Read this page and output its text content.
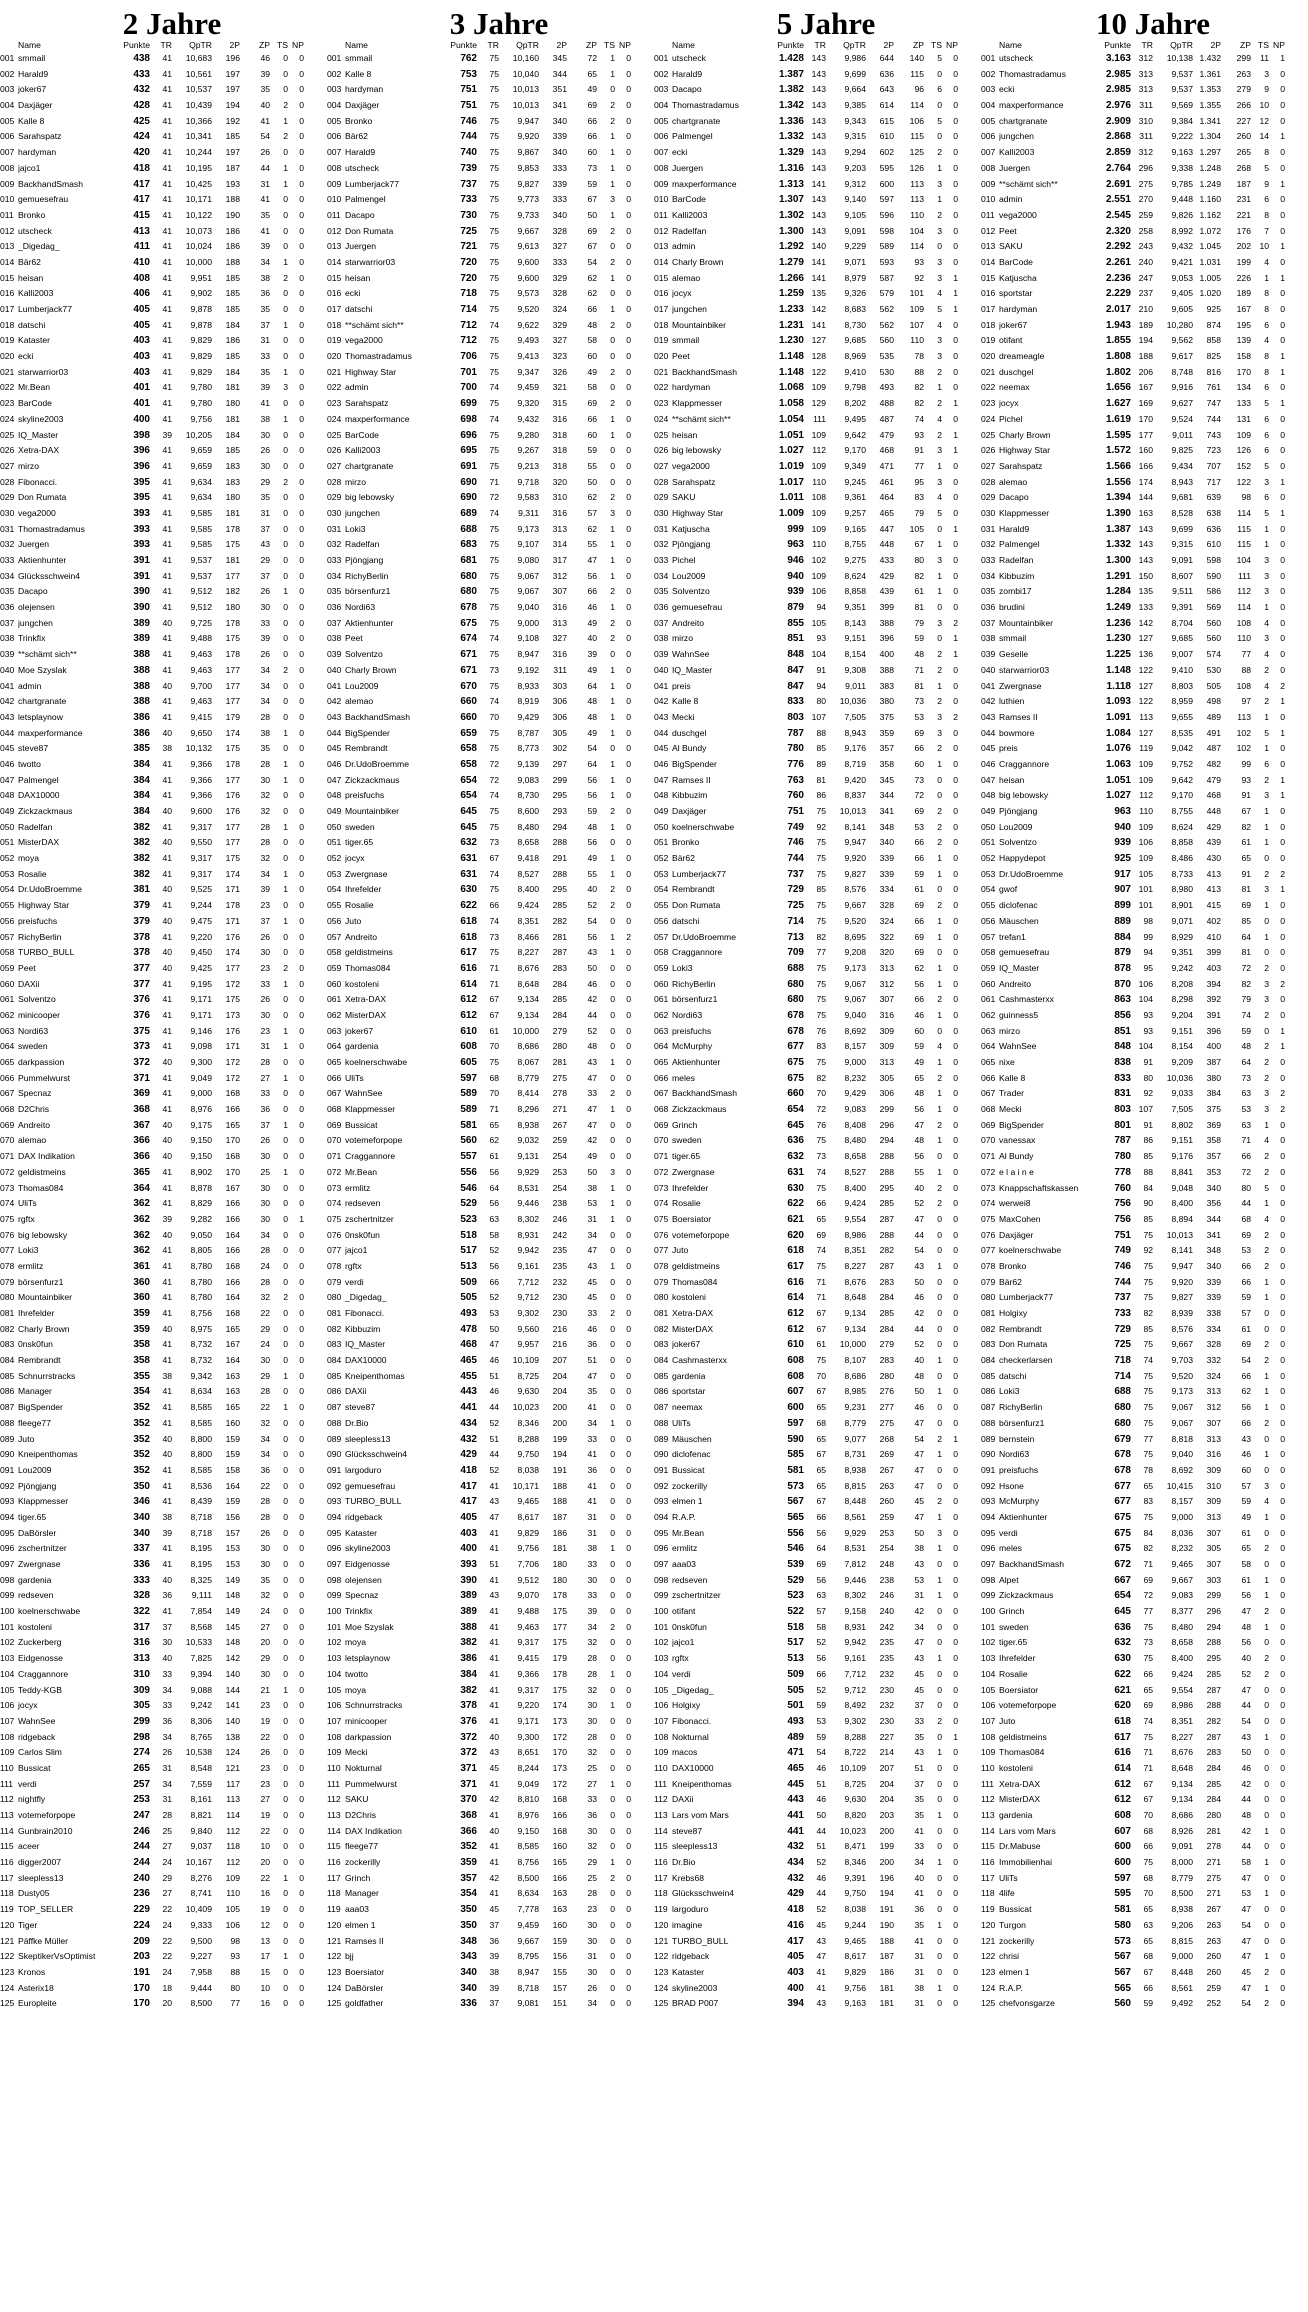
2 Jahre
	Name	Punkte	TR	QpTR	2P	ZP	TS	NP
001	smmail	438	41	10,683	196	46	0	0
002	Harald9	433	41	10,561	197	39	0	0
003	joker67	432	41	10,537	197	35	0	0
004	Daxjäger	428	41	10,439	194	40	2	0
005	Kalle 8	425	41	10,366	192	41	1	0
006	Sarahspatz	424	41	10,341	185	54	2	0
007	hardyman	420	41	10,244	197	26	0	0
008	jajco1	418	41	10,195	187	44	1	0
009	BackhandSmash	417	41	10,425	193	31	1	0
010	gemuesefrau	417	41	10,171	188	41	0	0
011	Bronko	415	41	10,122	190	35	0	0
012	utscheck	413	41	10,073	186	41	0	0
013	_Digedag_	411	41	10,024	186	39	0	0
014	Bär62	410	41	10,000	188	34	1	0
015	heisan	408	41	9,951	185	38	2	0
016	Kalli2003	406	41	9,902	185	36	0	0
017	Lumberjack77	405	41	9,878	185	35	0	0
018	datschi	405	41	9,878	184	37	1	0
019	Kataster	403	41	9,829	186	31	0	0
020	ecki	403	41	9,829	185	33	0	0
021	starwarrior03	403	41	9,829	184	35	1	0
022	Mr.Bean	401	41	9,780	181	39	3	0
023	BarCode	401	41	9,780	180	41	0	0
024	skyline2003	400	41	9,756	181	38	1	0
025	IQ_Master	398	39	10,205	184	30	0	0
026	Xetra-DAX	396	41	9,659	185	26	0	0
027	mirzo	396	41	9,659	183	30	0	0
028	Fibonacci.	395	41	9,634	183	29	2	0
029	Don Rumata	395	41	9,634	180	35	0	0
030	vega2000	393	41	9,585	181	31	0	0
031	Thomastradamus	393	41	9,585	178	37	0	0
032	Juergen	393	41	9,585	175	43	0	0
033	Aktienhunter	391	41	9,537	181	29	0	0
034	Glücksschwein4	391	41	9,537	177	37	0	0
035	Dacapo	390	41	9,512	182	26	1	0
036	olejensen	390	41	9,512	180	30	0	0
037	jungchen	389	40	9,725	178	33	0	0
038	Trinkfix	389	41	9,488	175	39	0	0
039	**schämt sich**	388	41	9,463	178	26	0	0
040	Moe Szyslak	388	41	9,463	177	34	2	0
041	admin	388	40	9,700	177	34	0	0
042	chartgranate	388	41	9,463	177	34	0	0
043	letsplaynow	386	41	9,415	179	28	0	0
044	maxperformance	386	40	9,650	174	38	1	0
045	steve87	385	38	10,132	175	35	0	0
046	twotto	384	41	9,366	178	28	1	0
047	Palmengel	384	41	9,366	177	30	1	0
048	DAX10000	384	41	9,366	176	32	0	0
049	Zickzackmaus	384	40	9,600	176	32	0	0
050	Radelfan	382	41	9,317	177	28	1	0
051	MisterDAX	382	40	9,550	177	28	0	0
052	moya	382	41	9,317	175	32	0	0
053	Rosalie	382	41	9,317	174	34	1	0
054	Dr.UdoBroemme	381	40	9,525	171	39	1	0
055	Highway Star	379	41	9,244	178	23	0	0
056	preisfuchs	379	40	9,475	171	37	1	0
057	RichyBerlin	378	41	9,220	176	26	0	0
058	TURBO_BULL	378	40	9,450	174	30	0	0
059	Peet	377	40	9,425	177	23	2	0
060	DAXii	377	41	9,195	172	33	1	0
061	Solventzo	376	41	9,171	175	26	0	0
062	minicooper	376	41	9,171	173	30	0	0
063	Nordi63	375	41	9,146	176	23	1	0
064	sweden	373	41	9,098	171	31	1	0
065	darkpassion	372	40	9,300	172	28	0	0
066	Pummelwurst	371	41	9,049	172	27	1	0
067	Specnaz	369	41	9,000	168	33	0	0
068	D2Chris	368	41	8,976	166	36	0	0
069	Andreito	367	40	9,175	165	37	1	0
070	alemao	366	40	9,150	170	26	0	0
071	DAX Indikation	366	40	9,150	168	30	0	0
072	geldistmeins	365	41	8,902	170	25	1	0
073	Thomas084	364	41	8,878	167	30	0	0
074	UliTs	362	41	8,829	166	30	0	0
075	rgftx	362	39	9,282	166	30	0	1
076	big lebowsky	362	40	9,050	164	34	0	0
077	Loki3	362	41	8,805	166	28	0	0
078	ermlitz	361	41	8,780	168	24	0	0
079	börsenfurz1	360	41	8,780	166	28	0	0
080	Mountainbiker	360	41	8,780	164	32	2	0
081	Ihrefelder	359	41	8,756	168	22	0	0
082	Charly Brown	359	40	8,975	165	29	0	0
083	0nsk0fun	358	41	8,732	167	24	0	0
084	Rembrandt	358	41	8,732	164	30	0	0
085	Schnurrstracks	355	38	9,342	163	29	1	0
086	Manager	354	41	8,634	163	28	0	0
087	BigSpender	352	41	8,585	165	22	1	0
088	fleege77	352	41	8,585	160	32	0	0
089	Juto	352	40	8,800	159	34	0	0
090	Kneipenthomas	352	40	8,800	159	34	0	0
091	Lou2009	352	41	8,585	158	36	0	0
092	Pjöngjang	350	41	8,536	164	22	0	0
093	Klappmesser	346	41	8,439	159	28	0	0
094	tiger.65	340	38	8,718	156	28	0	0
095	DaBörsler	340	39	8,718	157	26	0	0
096	zschertnitzer	337	41	8,195	153	30	0	0
097	Zwergnase	336	41	8,195	153	30	0	0
098	gardenia	333	40	8,325	149	35	0	0
099	redseven	328	36	9,111	148	32	0	0
100	koelnerschwabe	322	41	7,854	149	24	0	0
101	kostoleni	317	37	8,568	145	27	0	0
102	Zuckerberg	316	30	10,533	148	20	0	0
103	Eidgenosse	313	40	7,825	142	29	0	0
104	Craggannore	310	33	9,394	140	30	0	0
105	Teddy-KGB	309	34	9,088	144	21	1	0
106	jocyx	305	33	9,242	141	23	0	0
107	WahnSee	299	36	8,306	140	19	0	0
108	ridgeback	298	34	8,765	138	22	0	0
109	Carlos Slim	274	26	10,538	124	26	0	0
110	Bussicat	265	31	8,548	121	23	0	0
111	verdi	257	34	7,559	117	23	0	0
112	nightfly	253	31	8,161	113	27	0	0
113	votemeforpope	247	28	8,821	114	19	0	0
114	Gunbrain2010	246	25	9,840	112	22	0	0
115	aceer	244	27	9,037	118	10	0	0
116	digger2007	244	24	10,167	112	20	0	0
117	sleepless13	240	29	8,276	109	22	1	0
118	Dusty05	236	27	8,741	110	16	0	0
119	TOP_SELLER	229	22	10,409	105	19	0	0
120	Tiger	224	24	9,333	106	12	0	0
121	Päffke Müller	209	22	9,500	98	13	0	0
122	SkeptikerVsOptimist	203	22	9,227	93	17	1	0
123	Kronos	191	24	7,958	88	15	0	0
124	Asterix18	170	18	9,444	80	10	0	0
125	Europleite	170	20	8,500	77	16	0	0
3 Jahre
	Name	Punkte	TR	QpTR	2P	ZP	TS	NP
001	smmail	762	75	10,160	345	72	1	0
002	Kalle 8	753	75	10,040	344	65	1	0
003	hardyman	751	75	10,013	351	49	0	0
004	Daxjäger	751	75	10,013	341	69	2	0
005	Bronko	746	75	9,947	340	66	2	0
006	Bär62	744	75	9,920	339	66	1	0
007	Harald9	740	75	9,867	340	60	1	0
008	utscheck	739	75	9,853	333	73	1	0
009	Lumberjack77	737	75	9,827	339	59	1	0
010	Palmengel	733	75	9,773	333	67	3	0
011	Dacapo	730	75	9,733	340	50	1	0
012	Don Rumata	725	75	9,667	328	69	2	0
013	Juergen	721	75	9,613	327	67	0	0
014	starwarrior03	720	75	9,600	333	54	2	0
015	heisan	720	75	9,600	329	62	1	0
016	ecki	718	75	9,573	328	62	0	0
017	datschi	714	75	9,520	324	66	1	0
018	**schämt sich**	712	74	9,622	329	48	2	0
019	vega2000	712	75	9,493	327	58	0	0
020	Thomastradamus	706	75	9,413	323	60	0	0
021	Highway Star	701	75	9,347	326	49	2	0
022	admin	700	74	9,459	321	58	0	0
023	Sarahspatz	699	75	9,320	315	69	2	0
024	maxperformance	698	74	9,432	316	66	1	0
025	BarCode	696	75	9,280	318	60	1	0
026	Kalli2003	695	75	9,267	318	59	0	0
027	chartgranate	691	75	9,213	318	55	0	0
028	mirzo	690	71	9,718	320	50	0	0
029	big lebowsky	690	72	9,583	310	62	2	0
030	jungchen	689	74	9,311	316	57	3	0
031	Loki3	688	75	9,173	313	62	1	0
032	Radelfan	683	75	9,107	314	55	1	0
033	Pjöngjang	681	75	9,080	317	47	1	0
034	RichyBerlin	680	75	9,067	312	56	1	0
035	börsenfurz1	680	75	9,067	307	66	2	0
036	Nordi63	678	75	9,040	316	46	1	0
037	Aktienhunter	675	75	9,000	313	49	2	0
038	Peet	674	74	9,108	327	40	2	0
039	Solventzo	671	75	8,947	316	39	0	0
040	Charly Brown	671	73	9,192	311	49	1	0
041	Lou2009	670	75	8,933	303	64	1	0
042	alemao	660	74	8,919	306	48	1	0
043	BackhandSmash	660	70	9,429	306	48	1	0
044	BigSpender	659	75	8,787	305	49	1	0
045	Rembrandt	658	75	8,773	302	54	0	0
046	Dr.UdoBroemme	658	72	9,139	297	64	1	0
047	Zickzackmaus	654	72	9,083	299	56	1	0
048	preisfuchs	654	74	8,730	295	56	1	0
049	Mountainbiker	645	75	8,600	293	59	2	0
050	sweden	645	75	8,480	294	48	1	0
051	tiger.65	632	73	8,658	288	56	0	0
052	jocyx	631	67	9,418	291	49	1	0
053	Zwergnase	631	74	8,527	288	55	1	0
054	Ihrefelder	630	75	8,400	295	40	2	0
055	Rosalie	622	66	9,424	285	52	2	0
056	Juto	618	74	8,351	282	54	0	0
057	Andreito	618	73	8,466	281	56	1	2
058	geldistmeins	617	75	8,227	287	43	1	0
059	Thomas084	616	71	8,676	283	50	0	0
060	kostoleni	614	71	8,648	284	46	0	0
061	Xetra-DAX	612	67	9,134	285	42	0	0
062	MisterDAX	612	67	9,134	284	44	0	0
063	joker67	610	61	10,000	279	52	0	0
064	gardenia	608	70	8,686	280	48	0	0
065	koelnerschwabe	605	75	8,067	281	43	1	0
066	UliTs	597	68	8,779	275	47	0	0
067	WahnSee	589	70	8,414	278	33	2	0
068	Klappmesser	589	71	8,296	271	47	1	0
069	Bussicat	581	65	8,938	267	47	0	0
070	votemeforpope	560	62	9,032	259	42	0	0
071	Craggannore	557	61	9,131	254	49	0	0
072	Mr.Bean	556	56	9,929	253	50	3	0
073	ermlitz	546	64	8,531	254	38	1	0
074	redseven	529	56	9,446	238	53	1	0
075	zschertnitzer	523	63	8,302	246	31	1	0
076	0nsk0fun	518	58	8,931	242	34	0	0
077	jajco1	517	52	9,942	235	47	0	0
078	rgftx	513	56	9,161	235	43	1	0
079	verdi	509	66	7,712	232	45	0	0
080	_Digedag_	505	52	9,712	230	45	0	0
081	Fibonacci.	493	53	9,302	230	33	2	0
082	Kibbuzim	478	50	9,560	216	46	0	0
083	IQ_Master	468	47	9,957	216	36	0	0
084	DAX10000	465	46	10,109	207	51	0	0
085	Kneipenthomas	455	51	8,725	204	47	0	0
086	DAXii	443	46	9,630	204	35	0	0
087	steve87	441	44	10,023	200	41	0	0
088	Dr.Bio	434	52	8,346	200	34	1	0
089	sleepless13	432	51	8,288	199	33	0	0
090	Glücksschwein4	429	44	9,750	194	41	0	0
091	largoduro	418	52	8,038	191	36	0	0
092	gemuesefrau	417	41	10,171	188	41	0	0
093	TURBO_BULL	417	43	9,465	188	41	0	0
094	ridgeback	405	47	8,617	187	31	0	0
095	Kataster	403	41	9,829	186	31	0	0
096	skyline2003	400	41	9,756	181	38	1	0
097	Eidgenosse	393	51	7,706	180	33	0	0
098	olejensen	390	41	9,512	180	30	0	0
099	Specnaz	389	43	9,070	178	33	0	0
100	Trinkfix	389	41	9,488	175	39	0	0
101	Moe Szyslak	388	41	9,463	177	34	2	0
102	moya	382	41	9,317	175	32	0	0
103	letsplaynow	386	41	9,415	179	28	0	0
104	twotto	384	41	9,366	178	28	1	0
105	moya	382	41	9,317	175	32	0	0
106	Schnurrstracks	378	41	9,220	174	30	1	0
107	minicooper	376	41	9,171	173	30	0	0
108	darkpassion	372	40	9,300	172	28	0	0
109	Mecki	372	43	8,651	170	32	0	0
110	Nokturnal	371	45	8,244	173	25	0	0
111	Pummelwurst	371	41	9,049	172	27	1	0
112	SAKU	370	42	8,810	168	33	0	0
113	D2Chris	368	41	8,976	166	36	0	0
114	DAX Indikation	366	40	9,150	168	30	0	0
115	fleege77	352	41	8,585	160	32	0	0
116	zockerilly	359	41	8,756	165	29	1	0
117	Grinch	357	42	8,500	166	25	2	0
118	Manager	354	41	8,634	163	28	0	0
119	aaa03	350	45	7,778	163	23	0	0
120	elmen 1	350	37	9,459	160	30	0	0
121	Ramses II	348	36	9,667	159	30	0	0
122	bjj	343	39	8,795	156	31	0	0
123	Boersiator	340	38	8,947	155	30	0	0
124	DaBörsler	340	39	8,718	157	26	0	0
125	goldfather	336	37	9,081	151	34	0	0
5 Jahre
	Name	Punkte	TR	QpTR	2P	ZP	TS	NP
001	utscheck	1.428	143	9,986	644	140	5	0
002	Harald9	1.387	143	9,699	636	115	0	0
003	Dacapo	1.382	143	9,664	643	96	6	0
004	Thomastradamus	1.342	143	9,385	614	114	0	0
005	chartgranate	1.336	143	9,343	615	106	5	0
006	Palmengel	1.332	143	9,315	610	115	0	0
007	ecki	1.329	143	9,294	602	125	2	0
008	Juergen	1.316	143	9,203	595	126	1	0
009	maxperformance	1.313	141	9,312	600	113	3	0
010	BarCode	1.307	143	9,140	597	113	1	0
011	Kalli2003	1.302	143	9,105	596	110	2	0
012	Radelfan	1.300	143	9,091	598	104	3	0
013	admin	1.292	140	9,229	589	114	0	0
014	Charly Brown	1.279	141	9,071	593	93	3	0
015	alemao	1.266	141	8,979	587	92	3	1
016	jocyx	1.259	135	9,326	579	101	4	1
017	jungchen	1.233	142	8,683	562	109	5	1
018	Mountainbiker	1.231	141	8,730	562	107	4	0
019	smmail	1.230	127	9,685	560	110	3	0
020	Peet	1.148	128	8,969	535	78	3	0
021	BackhandSmash	1.148	122	9,410	530	88	2	0
022	hardyman	1.068	109	9,798	493	82	1	0
023	Klappmesser	1.058	129	8,202	488	82	2	1
024	**schämt sich**	1.054	111	9,495	487	74	4	0
025	heisan	1.051	109	9,642	479	93	2	1
026	big lebowsky	1.027	112	9,170	468	91	3	1
027	vega2000	1.019	109	9,349	471	77	1	0
028	Sarahspatz	1.017	110	9,245	461	95	3	0
029	SAKU	1.011	108	9,361	464	83	4	0
030	Highway Star	1.009	109	9,257	465	79	5	0
031	Katjuscha	999	109	9,165	447	105	0	1
032	Pjöngjang	963	110	8,755	448	67	1	0
033	Pichel	946	102	9,275	433	80	3	0
034	Lou2009	940	109	8,624	429	82	1	0
035	Solventzo	939	106	8,858	439	61	1	0
036	gemuesefrau	879	94	9,351	399	81	0	0
037	Andreito	855	105	8,143	388	79	3	2
038	mirzo	851	93	9,151	396	59	0	1
039	WahnSee	848	104	8,154	400	48	2	1
040	IQ_Master	847	91	9,308	388	71	2	0
041	preis	847	94	9,011	383	81	1	0
042	Kalle 8	833	80	10,036	380	73	2	0
043	Mecki	803	107	7,505	375	53	3	2
044	duschgel	787	88	8,943	359	69	3	0
045	Al Bundy	780	85	9,176	357	66	2	0
046	BigSpender	776	89	8,719	358	60	1	0
047	Ramses II	763	81	9,420	345	73	0	0
048	Kibbuzim	760	86	8,837	344	72	0	0
049	Daxjäger	751	75	10,013	341	69	2	0
050	koelnerschwabe	749	92	8,141	348	53	2	0
051	Bronko	746	75	9,947	340	66	2	0
052	Bär62	744	75	9,920	339	66	1	0
053	Lumberjack77	737	75	9,827	339	59	1	0
054	Rembrandt	729	85	8,576	334	61	0	0
055	Don Rumata	725	75	9,667	328	69	2	0
056	datschi	714	75	9,520	324	66	1	0
057	Dr.UdoBroemme	713	82	8,695	322	69	1	0
058	Craggannore	709	77	9,208	320	69	0	0
059	Loki3	688	75	9,173	313	62	1	0
060	RichyBerlin	680	75	9,067	312	56	1	0
061	börsenfurz1	680	75	9,067	307	66	2	0
062	Nordi63	678	75	9,040	316	46	1	0
063	preisfuchs	678	76	8,692	309	60	0	0
064	McMurphy	677	83	8,157	309	59	4	0
065	Aktienhunter	675	75	9,000	313	49	1	0
066	meles	675	82	8,232	305	65	2	0
067	BackhandSmash	660	70	9,429	306	48	1	0
068	Zickzackmaus	654	72	9,083	299	56	1	0
069	Grinch	645	76	8,408	296	47	2	0
070	sweden	636	75	8,480	294	48	1	0
071	tiger.65	632	73	8,658	288	56	0	0
072	Zwergnase	631	74	8,527	288	55	1	0
073	Ihrefelder	630	75	8,400	295	40	2	0
074	Rosalie	622	66	9,424	285	52	2	0
075	Boersiator	621	65	9,554	287	47	0	0
076	votemeforpope	620	69	8,986	288	44	0	0
077	Juto	618	74	8,351	282	54	0	0
078	geldistmeins	617	75	8,227	287	43	1	0
079	Thomas084	616	71	8,676	283	50	0	0
080	kostoleni	614	71	8,648	284	46	0	0
081	Xetra-DAX	612	67	9,134	285	42	0	0
082	MisterDAX	612	67	9,134	284	44	0	0
083	joker67	610	61	10,000	279	52	0	0
084	Cashmasterxx	608	75	8,107	283	40	1	0
085	gardenia	608	70	8,686	280	48	0	0
086	sportstar	607	67	8,985	276	50	1	0
087	neemax	600	65	9,231	277	46	0	0
088	UliTs	597	68	8,779	275	47	0	0
089	Mäuschen	590	65	9,077	268	54	2	1
090	diclofenac	585	67	8,731	269	47	1	0
091	Bussicat	581	65	8,938	267	47	0	0
092	zockerilly	573	65	8,815	263	47	0	0
093	elmen 1	567	67	8,448	260	45	2	0
094	R.A.P.	565	66	8,561	259	47	1	0
095	Mr.Bean	556	56	9,929	253	50	3	0
096	ermlitz	546	64	8,531	254	38	1	0
097	aaa03	539	69	7,812	248	43	0	0
098	redseven	529	56	9,446	238	53	1	0
099	zschertnitzer	523	63	8,302	246	31	1	0
100	otifant	522	57	9,158	240	42	0	0
101	0nsk0fun	518	58	8,931	242	34	0	0
102	jajco1	517	52	9,942	235	47	0	0
103	rgftx	513	56	9,161	235	43	1	0
104	verdi	509	66	7,712	232	45	0	0
105	_Digedag_	505	52	9,712	230	45	0	0
106	Holgixy	501	59	8,492	232	37	0	0
107	Fibonacci.	493	53	9,302	230	33	2	0
108	Nokturnal	489	59	8,288	227	35	0	1
109	macos	471	54	8,722	214	43	1	0
110	DAX10000	465	46	10,109	207	51	0	0
111	Kneipenthomas	445	51	8,725	204	37	0	0
112	DAXii	443	46	9,630	204	35	0	0
113	Lars vom Mars	441	50	8,820	203	35	1	0
114	steve87	441	44	10,023	200	41	0	0
115	sleepless13	432	51	8,471	199	33	0	0
116	Dr.Bio	434	52	8,346	200	34	1	0
117	Krebs68	432	46	9,391	196	40	0	0
118	Glücksschwein4	429	44	9,750	194	41	0	0
119	largoduro	418	52	8,038	191	36	0	0
120	imagine	416	45	9,244	190	35	1	0
121	TURBO_BULL	417	43	9,465	188	41	0	0
122	ridgeback	405	47	8,617	187	31	0	0
123	Kataster	403	41	9,829	186	31	0	0
124	skyline2003	400	41	9,756	181	38	1	0
125	BRAD P007	394	43	9,163	181	31	0	0
10 Jahre
	Name	Punkte	TR	QpTR	2P	ZP	TS	NP
001	utscheck	3.163	312	10,138	1.432	299	11	1
002	Thomastradamus	2.985	313	9,537	1.361	263	3	0
003	ecki	2.985	313	9,537	1.353	279	9	0
004	maxperformance	2.976	311	9,569	1.355	266	10	0
005	chartgranate	2.909	310	9,384	1.341	227	12	0
006	jungchen	2.868	311	9,222	1.304	260	14	1
007	Kalli2003	2.859	312	9,163	1.297	265	8	0
008	Juergen	2.764	296	9,338	1.248	268	5	0
009	**schämt sich**	2.691	275	9,785	1.249	187	9	1
010	admin	2.551	270	9,448	1.160	231	6	0
011	vega2000	2.545	259	9,826	1.162	221	8	0
012	Peet	2.320	258	8,992	1.072	176	7	0
013	SAKU	2.292	243	9,432	1.045	202	10	1
014	BarCode	2.261	240	9,421	1.031	199	4	0
015	Katjuscha	2.236	247	9,053	1.005	226	1	1
016	sportstar	2.229	237	9,405	1.020	189	8	0
017	hardyman	2.017	210	9,605	925	167	8	0
018	joker67	1.943	189	10,280	874	195	6	0
019	otifant	1.855	194	9,562	858	139	4	0
020	dreameagle	1.808	188	9,617	825	158	8	1
021	duschgel	1.802	206	8,748	816	170	8	1
022	neemax	1.656	167	9,916	761	134	6	0
023	jocyx	1.627	169	9,627	747	133	5	1
024	Pichel	1.619	170	9,524	744	131	6	0
025	Charly Brown	1.595	177	9,011	743	109	6	0
026	Highway Star	1.572	160	9,825	723	126	6	0
027	Sarahspatz	1.566	166	9,434	707	152	5	0
028	alemao	1.556	174	8,943	717	122	3	1
029	Dacapo	1.394	144	9,681	639	98	6	0
030	Klappmesser	1.390	163	8,528	638	114	5	1
031	Harald9	1.387	143	9,699	636	115	1	0
032	Palmengel	1.332	143	9,315	610	115	1	0
033	Radelfan	1.300	143	9,091	598	104	3	0
034	Kibbuzim	1.291	150	8,607	590	111	3	0
035	zombi17	1.284	135	9,511	586	112	3	0
036	brudini	1.249	133	9,391	569	114	1	0
037	Mountainbiker	1.236	142	8,704	560	108	4	0
038	smmail	1.230	127	9,685	560	110	3	0
039	Geselle	1.225	136	9,007	574	77	4	0
040	starwarrior03	1.148	122	9,410	530	88	2	0
041	Zwergnase	1.118	127	8,803	505	108	4	2
042	luthien	1.093	122	8,959	498	97	2	1
043	Ramses II	1.091	113	9,655	489	113	1	0
044	bowmore	1.084	127	8,535	491	102	5	1
045	preis	1.076	119	9,042	487	102	1	0
046	Craggannore	1.063	109	9,752	482	99	6	0
047	heisan	1.051	109	9,642	479	93	2	1
048	big lebowsky	1.027	112	9,170	468	91	3	1
049	Pjöngjang	963	110	8,755	448	67	1	0
050	Lou2009	940	109	8,624	429	82	1	0
051	Solventzo	939	106	8,858	439	61	1	0
052	Happydepot	925	109	8,486	430	65	0	0
053	Dr.UdoBroemme	917	105	8,733	413	91	2	2
054	gwof	907	101	8,980	413	81	3	1
055	diclofenac	899	101	8,901	415	69	1	0
056	Mäuschen	889	98	9,071	402	85	0	0
057	trefan1	884	99	8,929	410	64	1	0
058	gemuesefrau	879	94	9,351	399	81	0	0
059	IQ_Master	878	95	9,242	403	72	2	0
060	Andreito	870	106	8,208	394	82	3	2
061	Cashmasterxx	863	104	8,298	392	79	3	0
062	guinness5	856	93	9,204	391	74	2	0
063	mirzo	851	93	9,151	396	59	0	1
064	WahnSee	848	104	8,154	400	48	2	1
065	nixe	838	91	9,209	387	64	2	0
066	Kalle 8	833	80	10,036	380	73	2	0
067	Trader	831	92	9,033	384	63	3	2
068	Mecki	803	107	7,505	375	53	3	2
069	BigSpender	801	91	8,802	369	63	1	0
070	vanessax	787	86	9,151	358	71	4	0
071	Al Bundy	780	85	9,176	357	66	2	0
072	e l a i n e	778	88	8,841	353	72	2	0
073	Knappschaftskassen	760	84	9,048	340	80	5	0
074	werwei8	756	90	8,400	356	44	1	0
075	MaxCohen	756	85	8,894	344	68	4	0
076	Daxjäger	751	75	10,013	341	69	2	0
077	koelnerschwabe	749	92	8,141	348	53	2	0
078	Bronko	746	75	9,947	340	66	2	0
079	Bär62	744	75	9,920	339	66	1	0
080	Lumberjack77	737	75	9,827	339	59	1	0
081	Holgixy	733	82	8,939	338	57	0	0
082	Rembrandt	729	85	8,576	334	61	0	0
083	Don Rumata	725	75	9,667	328	69	2	0
084	checkerlarsen	718	74	9,703	332	54	2	0
085	datschi	714	75	9,520	324	66	1	0
086	Loki3	688	75	9,173	313	62	1	0
087	RichyBerlin	680	75	9,067	312	56	1	0
088	börsenfurz1	680	75	9,067	307	66	2	0
089	bernstein	679	77	8,818	313	43	0	0
090	Nordi63	678	75	9,040	316	46	1	0
091	preisfuchs	678	78	8,692	309	60	0	0
092	Hsone	677	65	10,415	310	57	3	0
093	McMurphy	677	83	8,157	309	59	4	0
094	Aktienhunter	675	75	9,000	313	49	1	0
095	verdi	675	84	8,036	307	61	0	0
096	meles	675	82	8,232	305	65	2	0
097	BackhandSmash	672	71	9,465	307	58	0	0
098	Alpet	667	69	9,667	303	61	1	0
099	Zickzackmaus	654	72	9,083	299	56	1	0
100	Grinch	645	77	8,377	296	47	2	0
101	sweden	636	75	8,480	294	48	1	0
102	tiger.65	632	73	8,658	288	56	0	0
103	Ihrefelder	630	75	8,400	295	40	2	0
104	Rosalie	622	66	9,424	285	52	2	0
105	Boersiator	621	65	9,554	287	47	0	0
106	votemeforpope	620	69	8,986	288	44	0	0
107	Juto	618	74	8,351	282	54	0	0
108	geldistmeins	617	75	8,227	287	43	1	0
109	Thomas084	616	71	8,676	283	50	0	0
110	kostoleni	614	71	8,648	284	46	0	0
111	Xetra-DAX	612	67	9,134	285	42	0	0
112	MisterDAX	612	67	9,134	284	44	0	0
113	gardenia	608	70	8,686	280	48	0	0
114	Lars vom Mars	607	68	8,926	281	42	1	0
115	Dr.Mabuse	600	66	9,091	278	44	0	0
116	Immobilienhai	600	75	8,000	271	58	1	0
117	UliTs	597	68	8,779	275	47	0	0
118	4life	595	70	8,500	271	53	1	0
119	Bussicat	581	65	8,938	267	47	0	0
120	Turgon	580	63	9,206	263	54	0	0
121	zockerilly	573	65	8,815	263	47	0	0
122	chrisi	567	68	9,000	260	47	1	0
123	elmen 1	567	67	8,448	260	45	2	0
124	R.A.P.	565	66	8,561	259	47	1	0
125	chefvonsgarze	560	59	9,492	252	54	2	0
